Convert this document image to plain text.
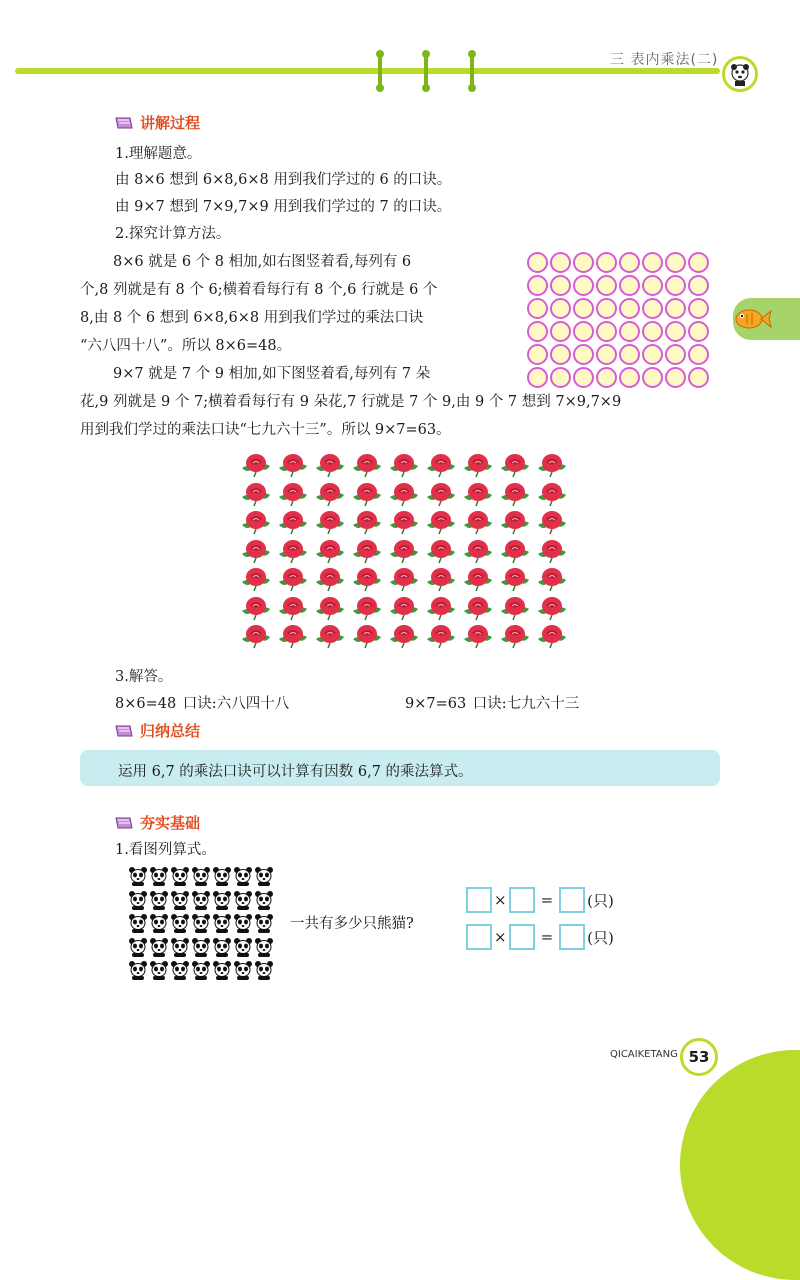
三 表内乘法(二)
讲解过程
1.理解题意。
由 8×6 想到 6×8,6×8 用到我们学过的 6 的口诀。
由 9×7 想到 7×9,7×9 用到我们学过的 7 的口诀。
2.探究计算方法。
8×6 就是 6 个 8 相加,如右图竖着看,每列有 6
个,8 列就是有 8 个 6;横着看每行有 8 个,6 行就是 6 个
8,由 8 个 6 想到 6×8,6×8 用到我们学过的乘法口诀
“六八四十八”。所以 8×6=48。
9×7 就是 7 个 9 相加,如下图竖着看,每列有 7 朵
花,9 列就是 9 个 7;横着看每行有 9 朵花,7 行就是 7 个 9,由 9 个 7 想到 7×9,7×9
用到我们学过的乘法口诀“七九六十三”。所以 9×7=63。
3.解答。
8×6=48 口诀:六八四十八	9×7=63 口诀:七九六十三
归纳总结
运用 6,7 的乘法口诀可以计算有因数 6,7 的乘法算式。
夯实基础
1.看图列算式。
一共有多少只熊猫?
× = (只)
× = (只)
QICAIKETANG 53
